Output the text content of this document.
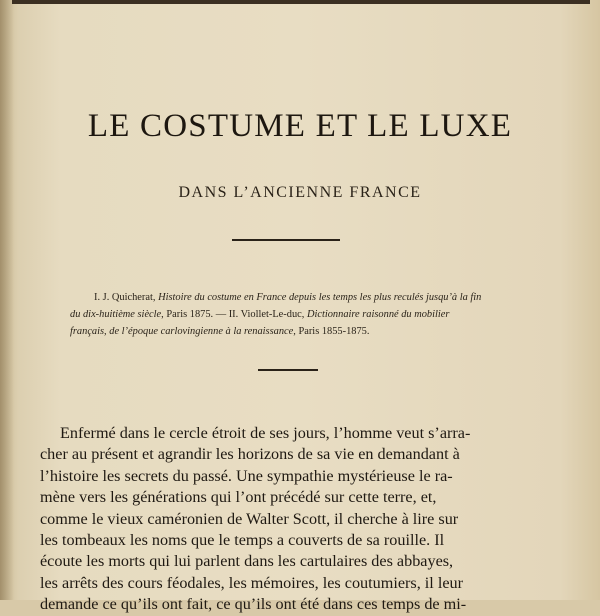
LE COSTUME ET LE LUXE
DANS L’ANCIENNE FRANCE
I. J. Quicherat, Histoire du costume en France depuis les temps les plus reculés jusqu’à la fin
du dix-huitième siècle, Paris 1875. — II. Viollet-Le-duc, Dictionnaire raisonné du mobilier
français, de l’époque carlovingienne à la renaissance, Paris 1855-1875.
Enfermé dans le cercle étroit de ses jours, l’homme veut s’arra-
cher au présent et agrandir les horizons de sa vie en demandant à
l’histoire les secrets du passé. Une sympathie mystérieuse le ra-
mène vers les générations qui l’ont précédé sur cette terre, et,
comme le vieux caméronien de Walter Scott, il cherche à lire sur
les tombeaux les noms que le temps a couverts de sa rouille. Il
écoute les morts qui lui parlent dans les cartulaires des abbayes,
les arrêts des cours féodales, les mémoires, les coutumiers, il leur
demande ce qu’ils ont fait, ce qu’ils ont été dans ces temps de mi-
